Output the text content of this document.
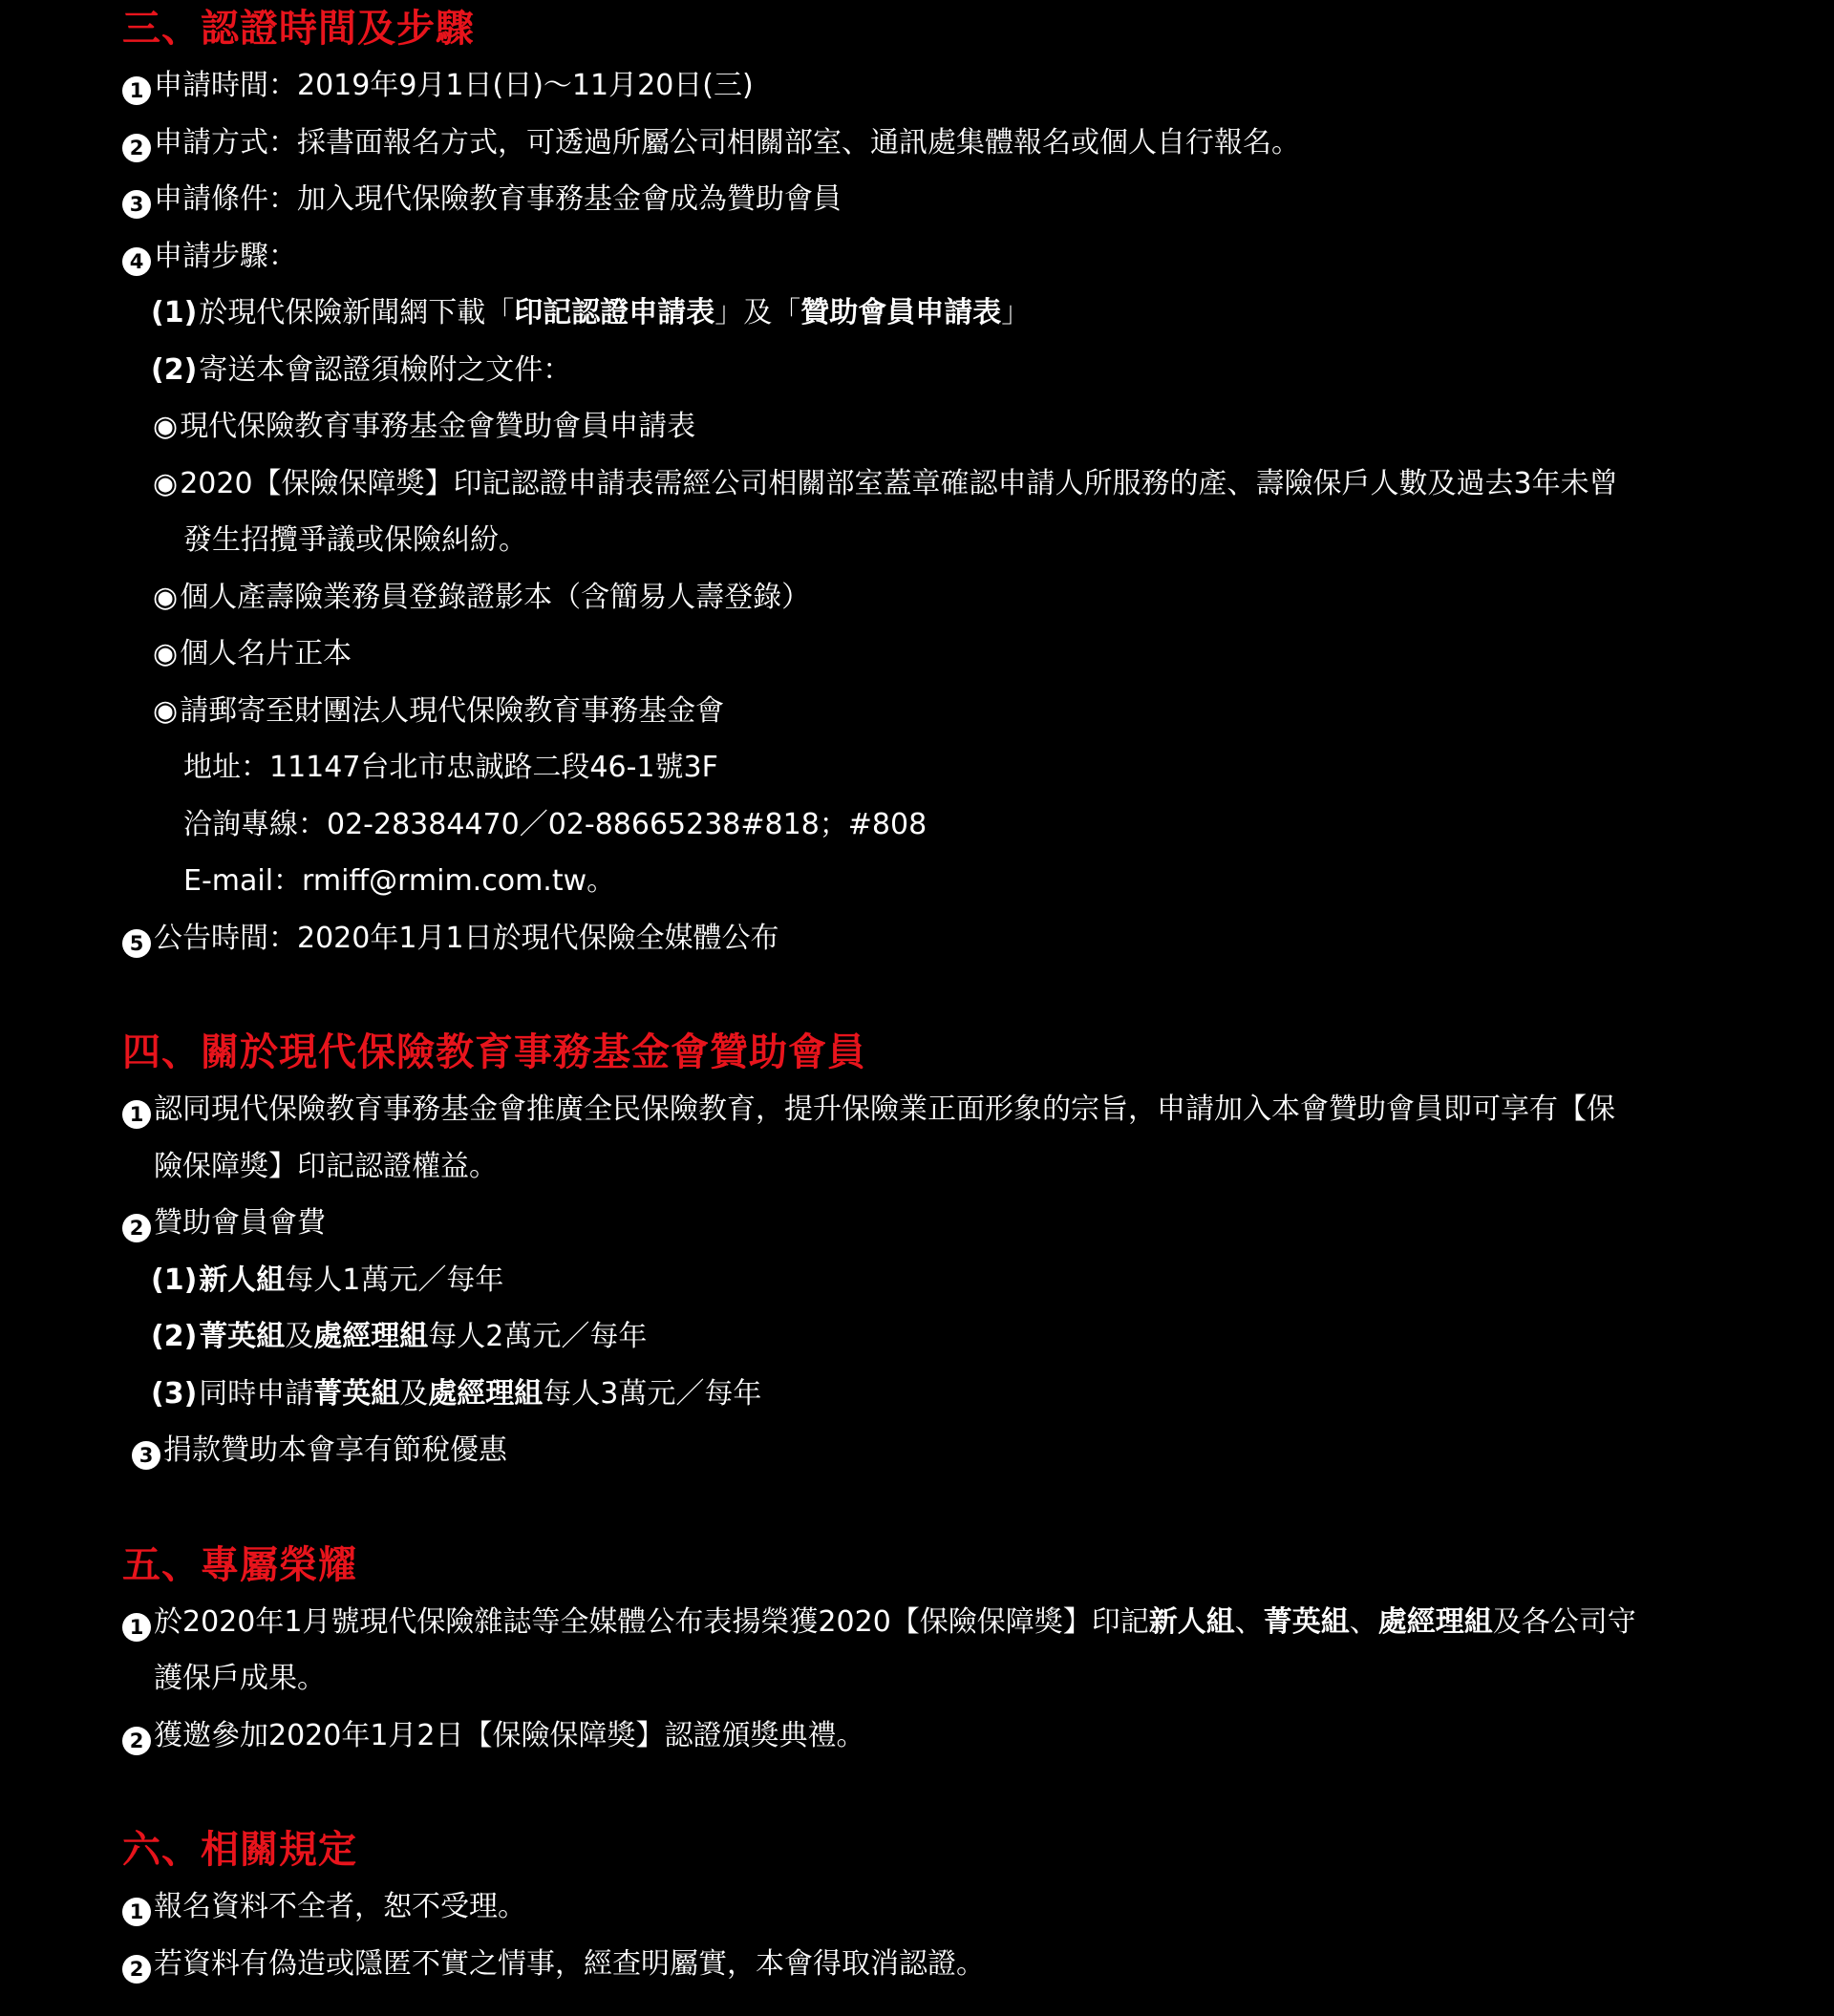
三、認證時間及步驟

1 申請時間：2019年9月1日(日)〜11月20日(三)

2 申請方式：採書面報名方式，可透過所屬公司相關部室、通訊處集體報名或個人自行報名。

3 申請條件：加入現代保險教育事務基金會成為贊助會員

4 申請步驟：

(1)於現代保險新聞網下載「印記認證申請表」及「贊助會員申請表」

(2)寄送本會認證須檢附之文件：

◉現代保險教育事務基金會贊助會員申請表

◉2020【保險保障獎】印記認證申請表需經公司相關部室蓋章確認申請人所服務的產、壽險保戶人數及過去3年未曾

發生招攬爭議或保險糾紛。

◉個人產壽險業務員登錄證影本（含簡易人壽登錄）

◉個人名片正本

◉請郵寄至財團法人現代保險教育事務基金會

地址：11147台北市忠誠路二段46-1號3F

洽詢專線：02-28384470／02-88665238#818；#808

E-mail：rmiff@rmim.com.tw。

5 公告時間：2020年1月1日於現代保險全媒體公布

四、關於現代保險教育事務基金會贊助會員

1 認同現代保險教育事務基金會推廣全民保險教育，提升保險業正面形象的宗旨，申請加入本會贊助會員即可享有【保

險保障獎】印記認證權益。

2 贊助會員會費

(1)新人組每人1萬元／每年

(2)菁英組及處經理組每人2萬元／每年

(3)同時申請菁英組及處經理組每人3萬元／每年

3 捐款贊助本會享有節稅優惠

五、專屬榮耀

1 於2020年1月號現代保險雜誌等全媒體公布表揚榮獲2020【保險保障獎】印記新人組、菁英組、處經理組及各公司守

護保戶成果。

2 獲邀參加2020年1月2日【保險保障獎】認證頒獎典禮。

六、相關規定

1 報名資料不全者，恕不受理。

2 若資料有偽造或隱匿不實之情事，經查明屬實，本會得取消認證。
